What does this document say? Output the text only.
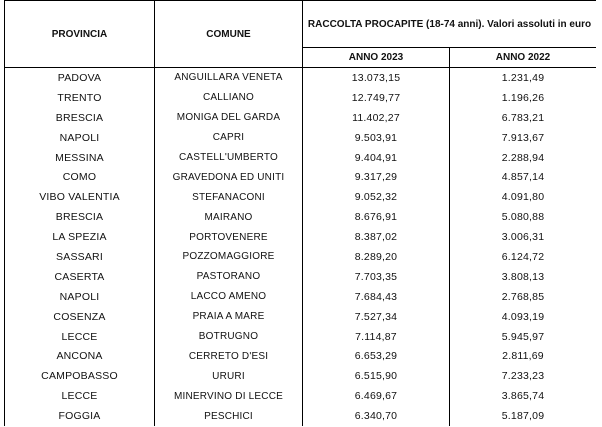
PROVINCIA	COMUNE	RACCOLTA PROCAPITE (18-74 anni). Valori assoluti in euro	
		ANNO 2023	ANNO 2022
PADOVA	ANGUILLARA VENETA	13.073,15	1.231,49
TRENTO	CALLIANO	12.749,77	1.196,26
BRESCIA	MONIGA DEL GARDA	11.402,27	6.783,21
NAPOLI	CAPRI	9.503,91	7.913,67
MESSINA	CASTELL'UMBERTO	9.404,91	2.288,94
COMO	GRAVEDONA ED UNITI	9.317,29	4.857,14
VIBO VALENTIA	STEFANACONI	9.052,32	4.091,80
BRESCIA	MAIRANO	8.676,91	5.080,88
LA SPEZIA	PORTOVENERE	8.387,02	3.006,31
SASSARI	POZZOMAGGIORE	8.289,20	6.124,72
CASERTA	PASTORANO	7.703,35	3.808,13
NAPOLI	LACCO AMENO	7.684,43	2.768,85
COSENZA	PRAIA A MARE	7.527,34	4.093,19
LECCE	BOTRUGNO	7.114,87	5.945,97
ANCONA	CERRETO D'ESI	6.653,29	2.811,69
CAMPOBASSO	URURI	6.515,90	7.233,23
LECCE	MINERVINO DI LECCE	6.469,67	3.865,74
FOGGIA	PESCHICI	6.340,70	5.187,09
